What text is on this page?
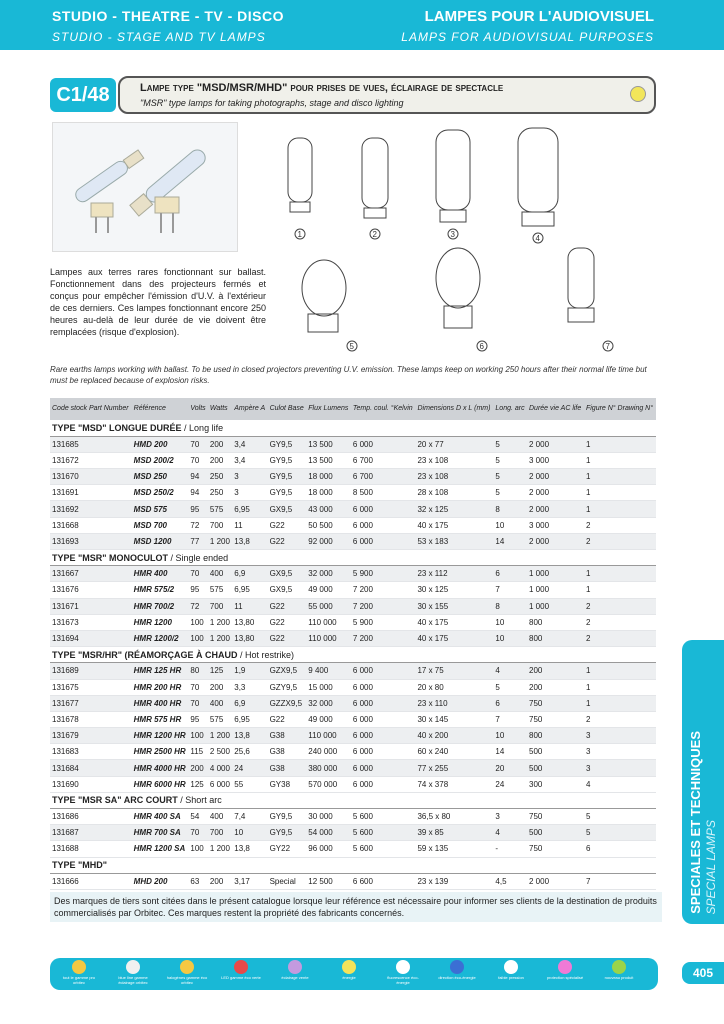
STUDIO - THEATRE - TV - DISCO
STUDIO - STAGE AND TV LAMPS
LAMPES POUR L'AUDIOVISUEL
LAMPS FOR AUDIOVISUAL PURPOSES
C1/48	Lampe type "MSD/MSR/MHD" pour prises de vues, éclairage de spectacle
"MSR" type lamps for taking photographs, stage and disco lighting
1	2	3	4
5	6	7
Lampes aux terres rares fonctionnant sur ballast. Fonctionnement dans des projecteurs fermés et conçus pour empêcher l'émission d'U.V. à l'extérieur de ces derniers. Ces lampes fonctionnant encore 250 heures au-delà de leur durée de vie doivent être remplacées (risque d'explosion).
Rare earths lamps working with ballast. To be used in closed projectors preventing U.V. emission. These lamps keep on working 250 hours after their normal life time but must be replaced because of explosion risks.
Code stock Part Number	Référence	Volts	Watts	Ampère A	Culot Base	Flux Lumens	Temp. coul. °Kelvin	Dimensions D x L (mm)	Long. arc	Durée vie AC life	Figure N° Drawing N°
TYPE "MSD" LONGUE DURÉE / Long life											
131685	HMD 200	70	200	3,4	GY9,5	13 500	6 000	20 x 77	5	2 000	1
131672	MSD 200/2	70	200	3,4	GY9,5	13 500	6 700	23 x 108	5	3 000	1
131670	MSD 250	94	250	3	GY9,5	18 000	6 700	23 x 108	5	2 000	1
131691	MSD 250/2	94	250	3	GY9,5	18 000	8 500	28 x 108	5	2 000	1
131692	MSD 575	95	575	6,95	GX9,5	43 000	6 000	32 x 125	8	2 000	1
131668	MSD 700	72	700	11	G22	50 500	6 000	40 x 175	10	3 000	2
131693	MSD 1200	77	1 200	13,8	G22	92 000	6 000	53 x 183	14	2 000	2
TYPE "MSR" MONOCULOT / Single ended											
131667	HMR 400	70	400	6,9	GX9,5	32 000	5 900	23 x 112	6	1 000	1
131676	HMR 575/2	95	575	6,95	GX9,5	49 000	7 200	30 x 125	7	1 000	1
131671	HMR 700/2	72	700	11	G22	55 000	7 200	30 x 155	8	1 000	2
131673	HMR 1200	100	1 200	13,80	G22	110 000	5 900	40 x 175	10	800	2
131694	HMR 1200/2	100	1 200	13,80	G22	110 000	7 200	40 x 175	10	800	2
TYPE "MSR/HR" (RÉAMORÇAGE À CHAUD / Hot restrike)											
131689	HMR 125 HR	80	125	1,9	GZX9,5	9 400	6 000	17 x 75	4	200	1
131675	HMR 200 HR	70	200	3,3	GZY9,5	15 000	6 000	20 x 80	5	200	1
131677	HMR 400 HR	70	400	6,9	GZZX9,5	32 000	6 000	23 x 110	6	750	1
131678	HMR 575 HR	95	575	6,95	G22	49 000	6 000	30 x 145	7	750	2
131679	HMR 1200 HR	100	1 200	13,8	G38	110 000	6 000	40 x 200	10	800	3
131683	HMR 2500 HR	115	2 500	25,6	G38	240 000	6 000	60 x 240	14	500	3
131684	HMR 4000 HR	200	4 000	24	G38	380 000	6 000	77 x 255	20	500	3
131690	HMR 6000 HR	125	6 000	55	GY38	570 000	6 000	74 x 378	24	300	4
TYPE "MSR SA" ARC COURT / Short arc											
131686	HMR 400 SA	54	400	7,4	GY9,5	30 000	5 600	36,5 x 80	3	750	5
131687	HMR 700 SA	70	700	10	GY9,5	54 000	5 600	39 x 85	4	500	5
131688	HMR 1200 SA	100	1 200	13,8	GY22	96 000	5 600	59 x 135	-	750	6
TYPE "MHD"											
131666	MHD 200	63	200	3,17	Special	12 500	6 600	23 x 139	4,5	2 000	7
Des marques de tiers sont citées dans le présent catalogue lorsque leur référence est nécessaire pour informer ses clients de la destination de produits commercialisés par Orbitec. Ces marques restent la propriété des fabricants concernés.	SPECIALES ET TECHNIQUES SPECIAL LAMPS
405
tout le gamme pro orbitec
blue line gamme éclairage orbitec
halogènes gamme éco orbitec
LED gamme éco verte	éclairage vente	énergie	fluorescence éco-énergie
direction éco-énergie	faible pression	protection spécialisé	nouveau produit
